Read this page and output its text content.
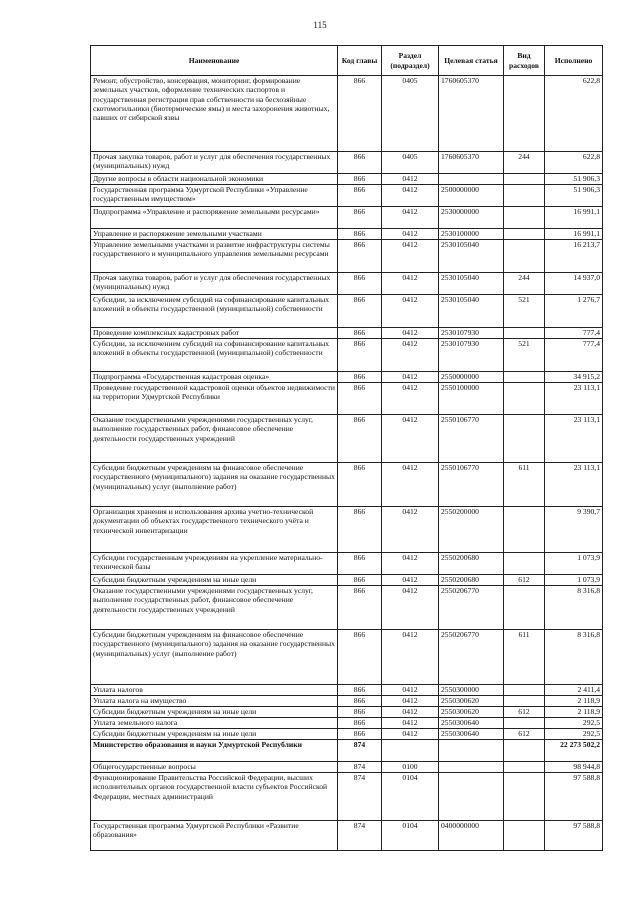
115
Наименование	Код главы	Раздел (подраздел)	Целевая статья	Вид расходов	Исполнено
Ремонт, обустройство, консервация, мониторинг, формирование земельных участков, оформление технических паспортов и государственная регистрация прав собственности на бесхозяйные скотомогильники (биотермические ямы) и места захоронения животных, павших от сибирской язвы	866	0405	1760605370		622,8
Прочая закупка товаров, работ и услуг для обеспечения государственных (муниципальных) нужд	866	0405	1760605370	244	622,8
Другие вопросы в области национальной экономики	866	0412			51 906,3
Государственная программа Удмуртской Республики «Управление государственным имуществом»	866	0412	2500000000		51 906,3
Подпрограмма «Управление и распоряжение земельными ресурсами»	866	0412	2530000000		16 991,1
Управление и распоряжение земельными участками	866	0412	2530100000		16 991,1
Управление земельными участками и развитие инфраструктуры системы государственного и муниципального управления земельными ресурсами	866	0412	2530105040		16 213,7
Прочая закупка товаров, работ и услуг для обеспечения государственных (муниципальных) нужд	866	0412	2530105040	244	14 937,0
Субсидии, за исключением субсидий на софинансирование капитальных вложений в объекты государственной (муниципальной) собственности	866	0412	2530105040	521	1 276,7
Проведение комплексных кадастровых работ	866	0412	2530107930		777,4
Субсидии, за исключением субсидий на софинансирование капитальных вложений в объекты государственной (муниципальной) собственности	866	0412	2530107930	521	777,4
Подпрограмма «Государственная кадастровая оценка»	866	0412	2550000000		34 915,2
Проведение государственной кадастровой оценки объектов недвижимости на территории Удмуртской Республики	866	0412	2550100000		23 113,1
Оказание государственными учреждениями государственных услуг, выполнение государственных работ, финансовое обеспечение деятельности государственных учреждений	866	0412	2550106770		23 113,1
Субсидии бюджетным учреждениям на финансовое обеспечение государственного (муниципального) задания на оказание государственных (муниципальных) услуг (выполнение работ)	866	0412	2550106770	611	23 113,1
Организация хранения и использования архива учетно-технической документации об объектах государственного технического учёта и технической инвентаризации	866	0412	2550200000		9 390,7
Субсидии государственным учреждениям на укрепление материально-технической базы	866	0412	2550200680		1 073,9
Субсидии бюджетным учреждениям на иные цели	866	0412	2550200680	612	1 073,9
Оказание государственными учреждениями государственных услуг, выполнение государственных работ, финансовое обеспечение деятельности государственных учреждений	866	0412	2550206770		8 316,8
Субсидии бюджетным учреждениям на финансовое обеспечение государственного (муниципального) задания на оказание государственных (муниципальных) услуг (выполнение работ)	866	0412	2550206770	611	8 316,8
Уплата налогов	866	0412	2550300000		2 411,4
Уплата налога на имущество	866	0412	2550300620		2 118,9
Субсидии бюджетным учреждениям на иные цели	866	0412	2550300620	612	2 118,9
Уплата земельного налога	866	0412	2550300640		292,5
Субсидии бюджетным учреждениям на иные цели	866	0412	2550300640	612	292,5
Министерство образования и науки Удмуртской Республики	874				22 273 502,2
Общегосударственные вопросы	874	0100			98 944,8
Функционирование Правительства Российской Федерации, высших исполнительных органов государственной власти субъектов Российской Федерации, местных администраций	874	0104			97 588,8
Государственная программа Удмуртской Республики «Развитие образования»	874	0104	0400000000		97 588,8
